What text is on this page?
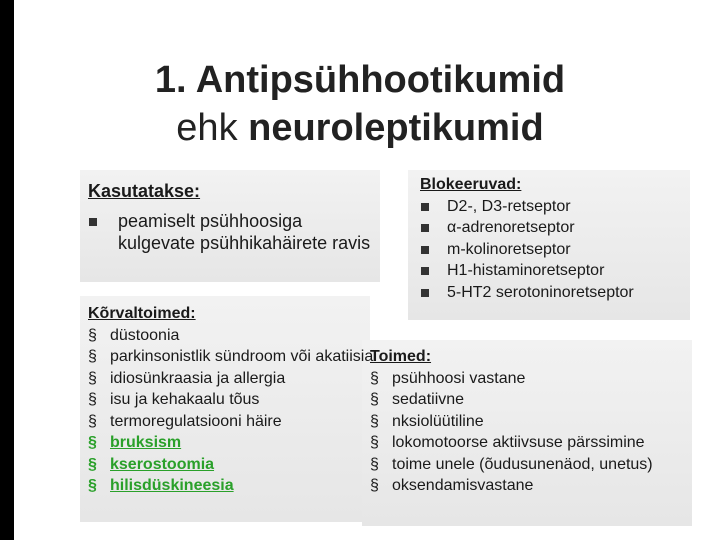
1. Antipsühhootikumid
ehk neuroleptikumid
Kasutatakse:
peamiselt psühhoosiga kulgevate psühhikahäirete ravis
Kõrvaltoimed:
§ düstoonia
§ parkinsonistlik sündroom või akatiisia
§ idiosünkraasia ja allergia
§ isu ja kehakaalu tõus
§ termoregulatsiooni häire
§ bruksism
§ kserostoomia
§ hilisdüskineesia
Blokeeruvad:
D2-, D3-retseptor
α-adrenoretseptor
m-kolinoretseptor
H1-histaminoretseptor
5-HT2 serotoninoretseptor
Toimed:
§ psühhoosi vastane
§ sedatiivne
§ nksiolüütiline
§ lokomotoorse aktiivsuse pärssimine
§ toime unele (õudusunenäod, unetus)
§ oksendamisvastane
